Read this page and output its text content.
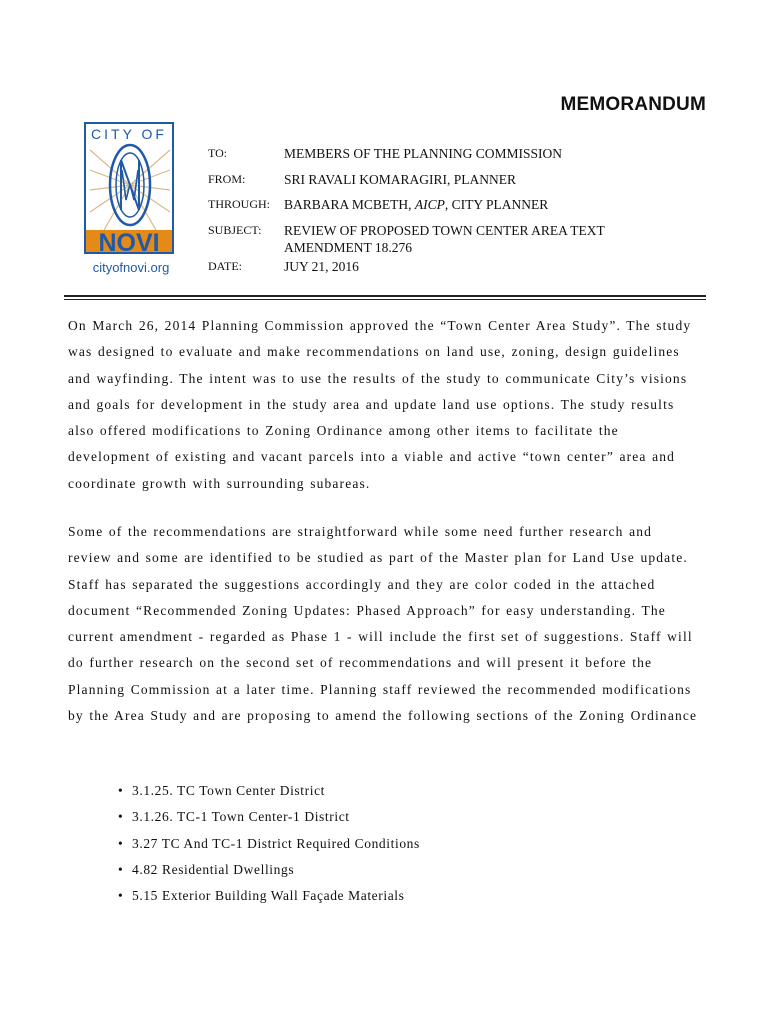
MEMORANDUM
CITY OF
NOVI
cityofnovi.org
TO:	MEMBERS OF THE PLANNING COMMISSION
FROM:	SRI RAVALI KOMARAGIRI, PLANNER
THROUGH: BARBARA MCBETH, AICP, CITY PLANNER
SUBJECT: REVIEW OF PROPOSED TOWN CENTER AREA TEXT
AMENDMENT 18.276
DATE:	JUY 21, 2016

On March 26, 2014 Planning Commission approved the “Town Center Area Study”. The study was designed to evaluate and make recommendations on land use, zoning, design guidelines and wayfinding. The intent was to use the results of the study to communicate City’s visions and goals for development in the study area and update land use options. The study results also offered modifications to Zoning Ordinance among other items to facilitate the development of existing and vacant parcels into a viable and active “town center” area and coordinate growth with surrounding subareas.

Some of the recommendations are straightforward while some need further research and review and some are identified to be studied as part of the Master plan for Land Use update. Staff has separated the suggestions accordingly and they are color coded in the attached document “Recommended Zoning Updates: Phased Approach” for easy understanding. The current amendment - regarded as Phase 1 - will include the first set of suggestions. Staff will do further research on the second set of recommendations and will present it before the Planning Commission at a later time. Planning staff reviewed the recommended modifications by the Area Study and are proposing to amend the following sections of the Zoning Ordinance

• 3.1.25. TC Town Center District
• 3.1.26. TC-1 Town Center-1 District
• 3.27 TC And TC-1 District Required Conditions
• 4.82 Residential Dwellings
• 5.15 Exterior Building Wall Façade Materials
